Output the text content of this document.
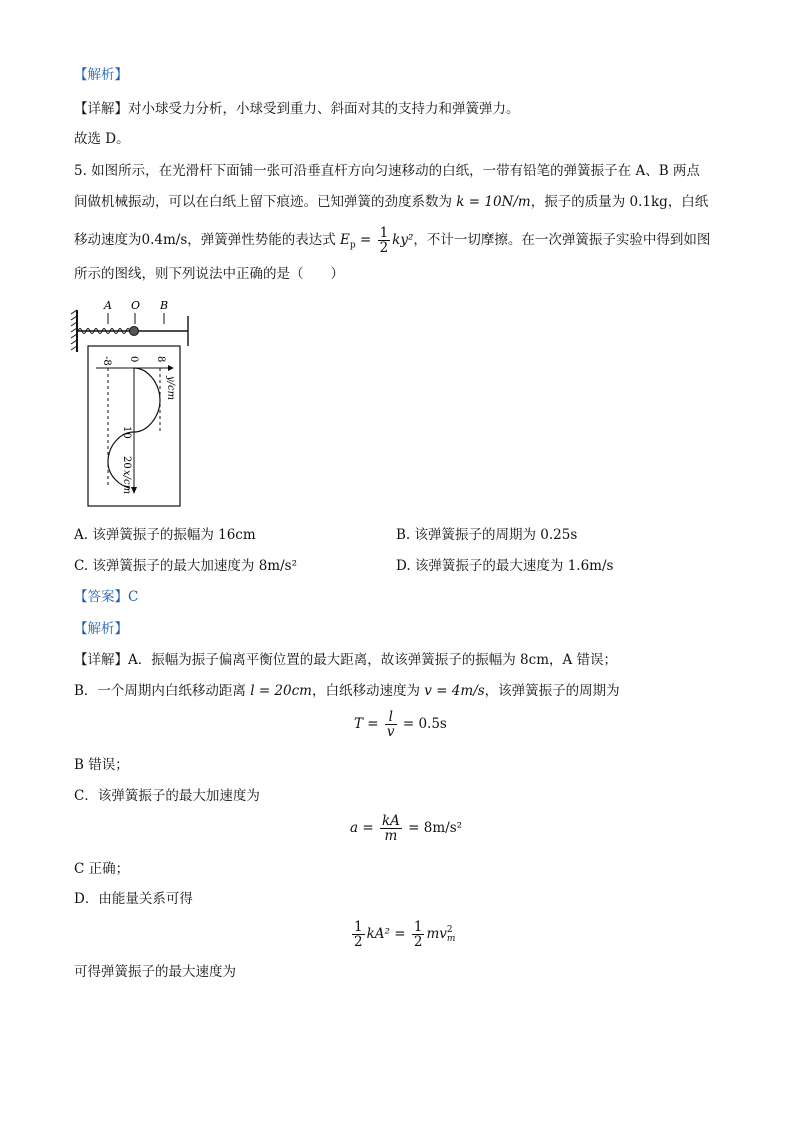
【解析】
【详解】对小球受力分析，小球受到重力、斜面对其的支持力和弹簧弹力。
故选 D。
5. 如图所示，在光滑杆下面铺一张可沿垂直杆方向匀速移动的白纸，一带有铅笔的弹簧振子在 A、B 两点
间做机械振动，可以在白纸上留下痕迹。已知弹簧的劲度系数为 k = 10N/m，振子的质量为 0.1kg，白纸
移动速度为0.4m/s，弹簧弹性势能的表达式 $E_p = \frac{1}{2} ky^2$，不计一切摩擦。在一次弹簧振子实验中得到如图
所示的图线，则下列说法中正确的是（　　）
A O B
-8 0 8
y/cm
10
20
x/cm
A. 该弹簧振子的振幅为 16cm	B. 该弹簧振子的周期为 0.25s
C. 该弹簧振子的最大加速度为 8m/s²	D. 该弹簧振子的最大速度为 1.6m/s
【答案】C
【解析】
【详解】A．振幅为振子偏离平衡位置的最大距离，故该弹簧振子的振幅为 8cm，A 错误；
B．一个周期内白纸移动距离 l = 20cm，白纸移动速度为 v = 4m/s，该弹簧振子的周期为
$T = \frac{l}{v} = 0.5s$
B 错误；
C．该弹簧振子的最大加速度为
$a = \frac{kA}{m} = 8m/s^2$
C 正确；
D．由能量关系可得
$\frac{1}{2} kA^2 = \frac{1}{2}$ mv 2
m
可得弹簧振子的最大速度为
